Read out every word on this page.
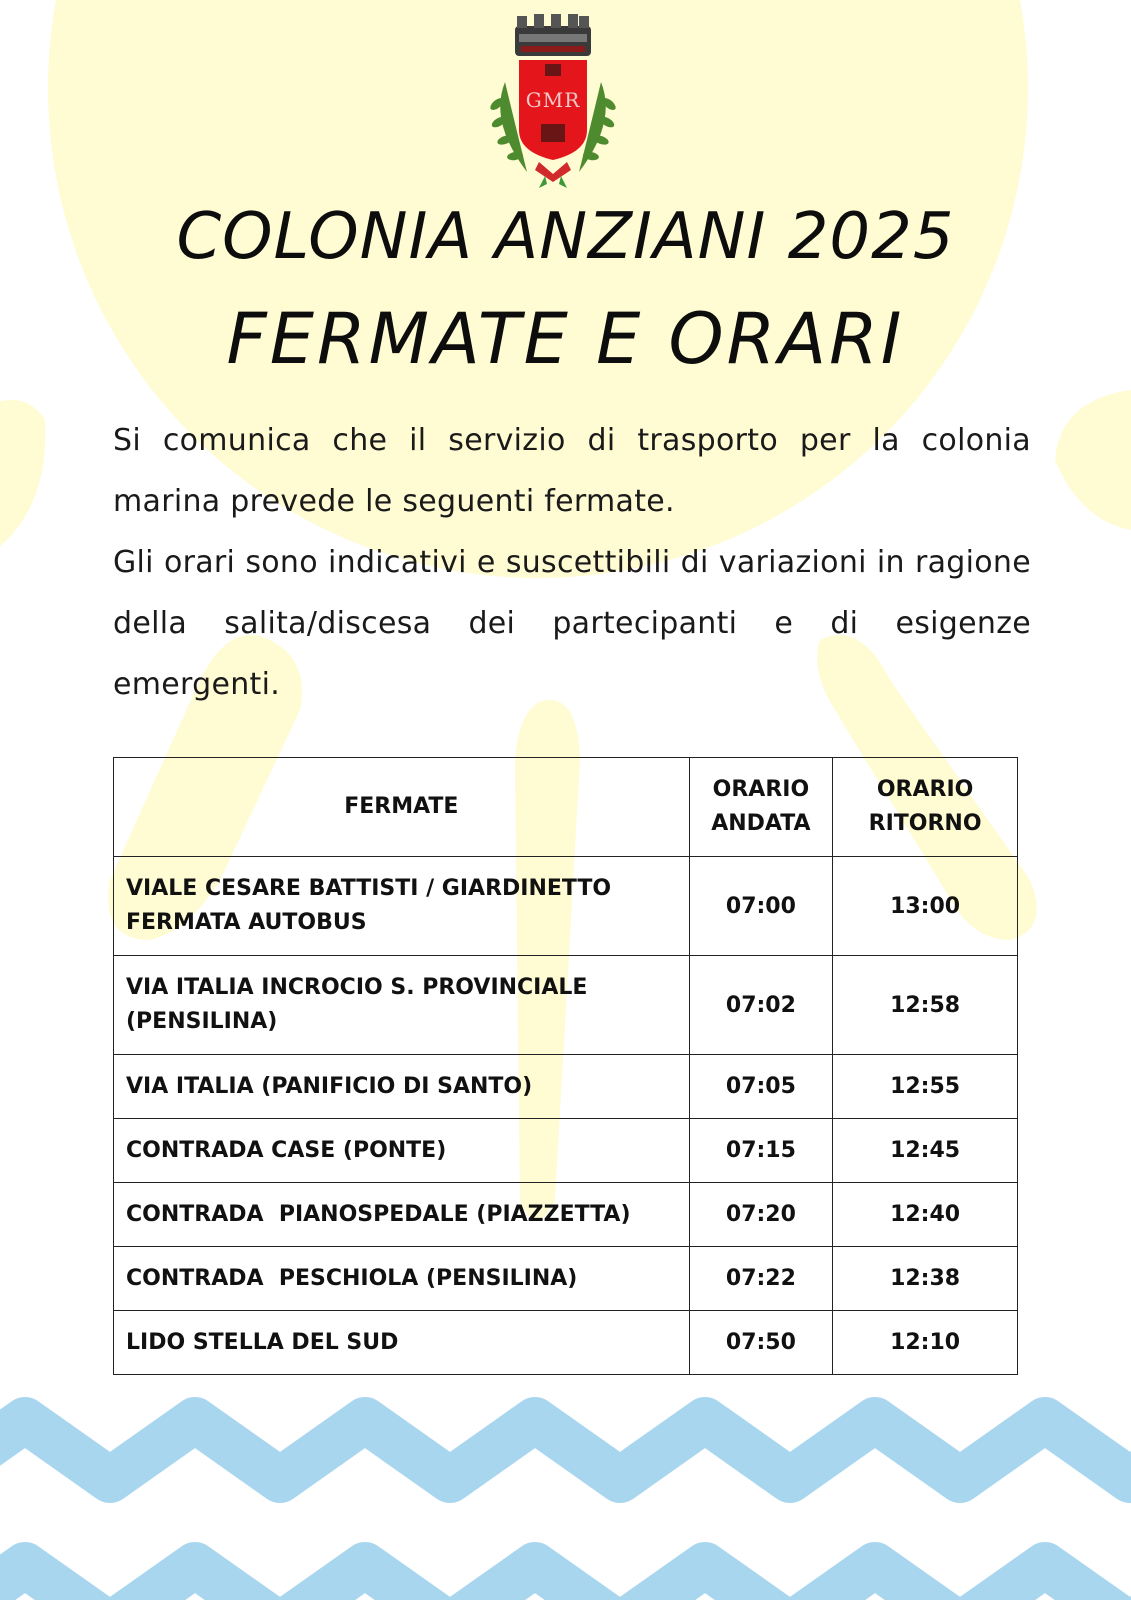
GMR
COLONIA ANZIANI 2025
FERMATE E ORARI

Si comunica che il servizio di trasporto per la colonia marina prevede le seguenti fermate.

Gli orari sono indicativi e suscettibili di variazioni in ragione della salita/discesa dei partecipanti e di esigenze emergenti.

FERMATE	ORARIO ANDATA	ORARIO RITORNO
VIALE CESARE BATTISTI / GIARDINETTO FERMATA AUTOBUS	07:00	13:00
VIA ITALIA INCROCIO S. PROVINCIALE (PENSILINA)	07:02	12:58
VIA ITALIA (PANIFICIO DI SANTO)	07:05	12:55
CONTRADA CASE (PONTE)	07:15	12:45
CONTRADA  PIANOSPEDALE (PIAZZETTA)	07:20	12:40
CONTRADA  PESCHIOLA (PENSILINA)	07:22	12:38
LIDO STELLA DEL SUD	07:50	12:10
